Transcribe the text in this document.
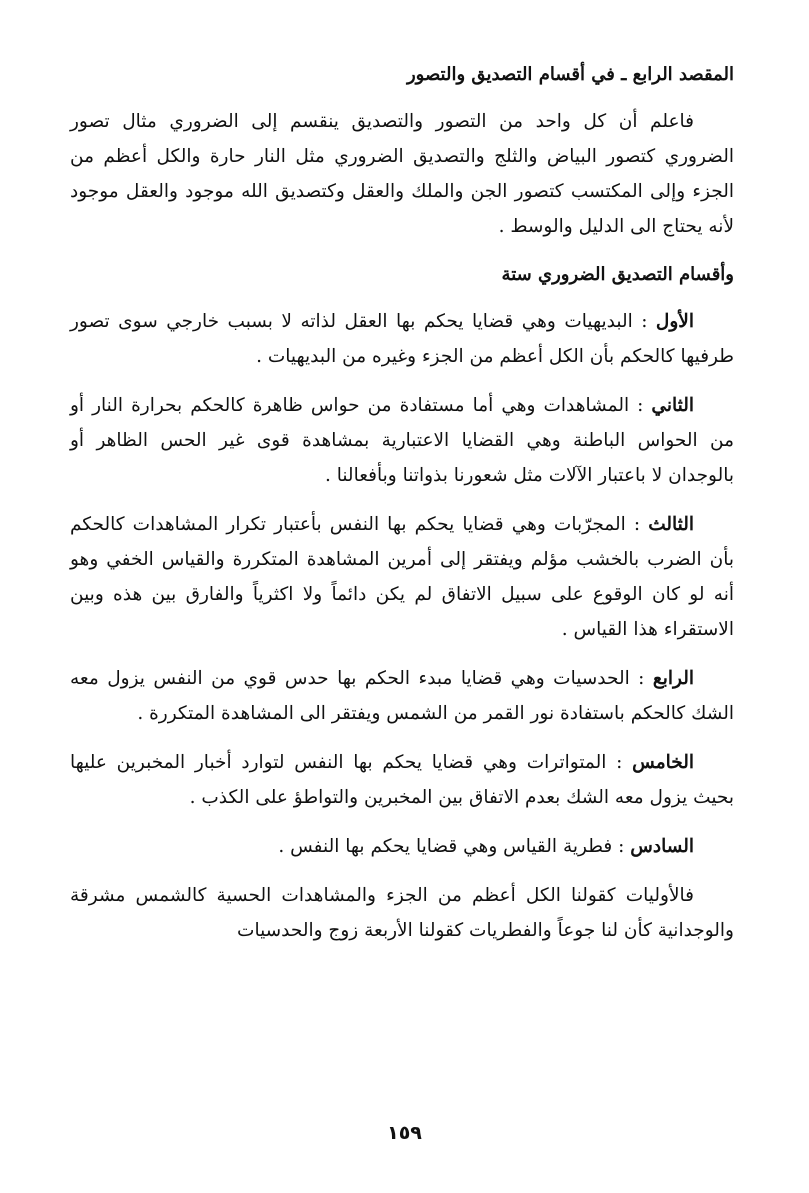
المقصد الرابع ـ في أقسام التصديق والتصور

فاعلم أن كل واحد من التصور والتصديق ينقسم إلى الضروري مثال تصور الضروري كتصور البياض والثلج والتصديق الضروري مثل النار حارة والكل أعظم من الجزء وإلى المكتسب كتصور الجن والملك والعقل وكتصديق الله موجود والعقل موجود لأنه يحتاج الى الدليل والوسط .

وأقسام التصديق الضروري ستة

الأول : البديهيات وهي قضايا يحكم بها العقل لذاته لا بسبب خارجي سوى تصور طرفيها كالحكم بأن الكل أعظم من الجزء وغيره من البديهيات .

الثاني : المشاهدات وهي أما مستفادة من حواس ظاهرة كالحكم بحرارة النار أو من الحواس الباطنة وهي القضايا الاعتبارية بمشاهدة قوى غير الحس الظاهر أو بالوجدان لا باعتبار الآلات مثل شعورنا بذواتنا وبأفعالنا .

الثالث : المجرّبات وهي قضايا يحكم بها النفس بأعتبار تكرار المشاهدات كالحكم بأن الضرب بالخشب مؤلم ويفتقر إلى أمرين المشاهدة المتكررة والقياس الخفي وهو أنه لو كان الوقوع على سبيل الاتفاق لم يكن دائماً ولا اكثرياً والفارق بين هذه وبين الاستقراء هذا القياس .

الرابع : الحدسيات وهي قضايا مبدء الحكم بها حدس قوي من النفس يزول معه الشك كالحكم باستفادة نور القمر من الشمس ويفتقر الى المشاهدة المتكررة .

الخامس : المتواترات وهي قضايا يحكم بها النفس لتوارد أخبار المخبرين عليها بحيث يزول معه الشك بعدم الاتفاق بين المخبرين والتواطؤ على الكذب .

السادس : فطرية القياس وهي قضايا يحكم بها النفس .

فالأوليات كقولنا الكل أعظم من الجزء والمشاهدات الحسية كالشمس مشرقة والوجدانية كأن لنا جوعاً والفطريات كقولنا الأربعة زوج والحدسيات

١٥٩
